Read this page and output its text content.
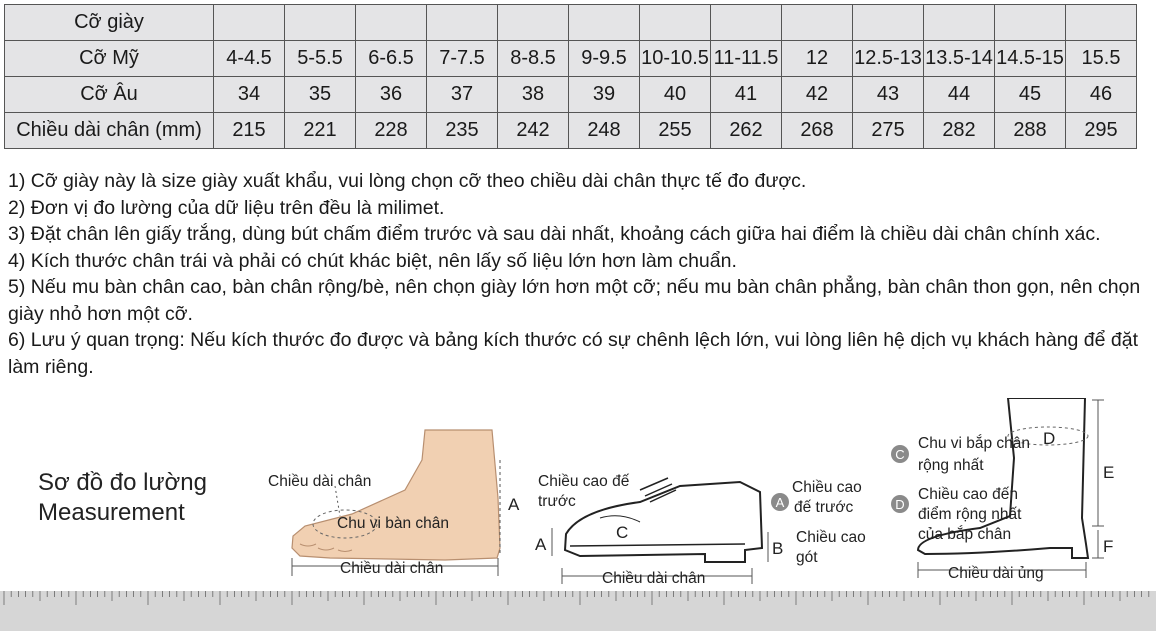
Cỡ giày													
Cỡ Mỹ	4-4.5	5-5.5	6-6.5	7-7.5	8-8.5	9-9.5	10-10.5	11-11.5	12	12.5-13	13.5-14	14.5-15	15.5
Cỡ Âu	34	35	36	37	38	39	40	41	42	43	44	45	46
Chiều dài chân (mm)	215	221	228	235	242	248	255	262	268	275	282	288	295

1) Cỡ giày này là size giày xuất khẩu, vui lòng chọn cỡ theo chiều dài chân thực tế đo được.

2) Đơn vị đo lường của dữ liệu trên đều là milimet.

3) Đặt chân lên giấy trắng, dùng bút chấm điểm trước và sau dài nhất, khoảng cách giữa hai điểm là chiều dài chân chính xác.

4) Kích thước chân trái và phải có chút khác biệt, nên lấy số liệu lớn hơn làm chuẩn.

5) Nếu mu bàn chân cao, bàn chân rộng/bè, nên chọn giày lớn hơn một cỡ; nếu mu bàn chân phẳng, bàn chân thon gọn, nên chọn giày nhỏ hơn một cỡ.

6) Lưu ý quan trọng: Nếu kích thước đo được và bảng kích thước có sự chênh lệch lớn, vui lòng liên hệ dịch vụ khách hàng để đặt làm riêng.

Sơ đồ đo lường
Measurement	A
Chiều dài chân
Chu vi bàn chân
Chiều dài chân
Chiều cao đế
trước
C
A	B
A
Chiều cao
đế trước
Chiều cao
gót
Chiều dài chân
C
Chu vi bắp chân
rộng nhất
D
D
Chiều cao đến
điểm rộng nhất
của bắp chân
E
F
Chiều dài ủng
